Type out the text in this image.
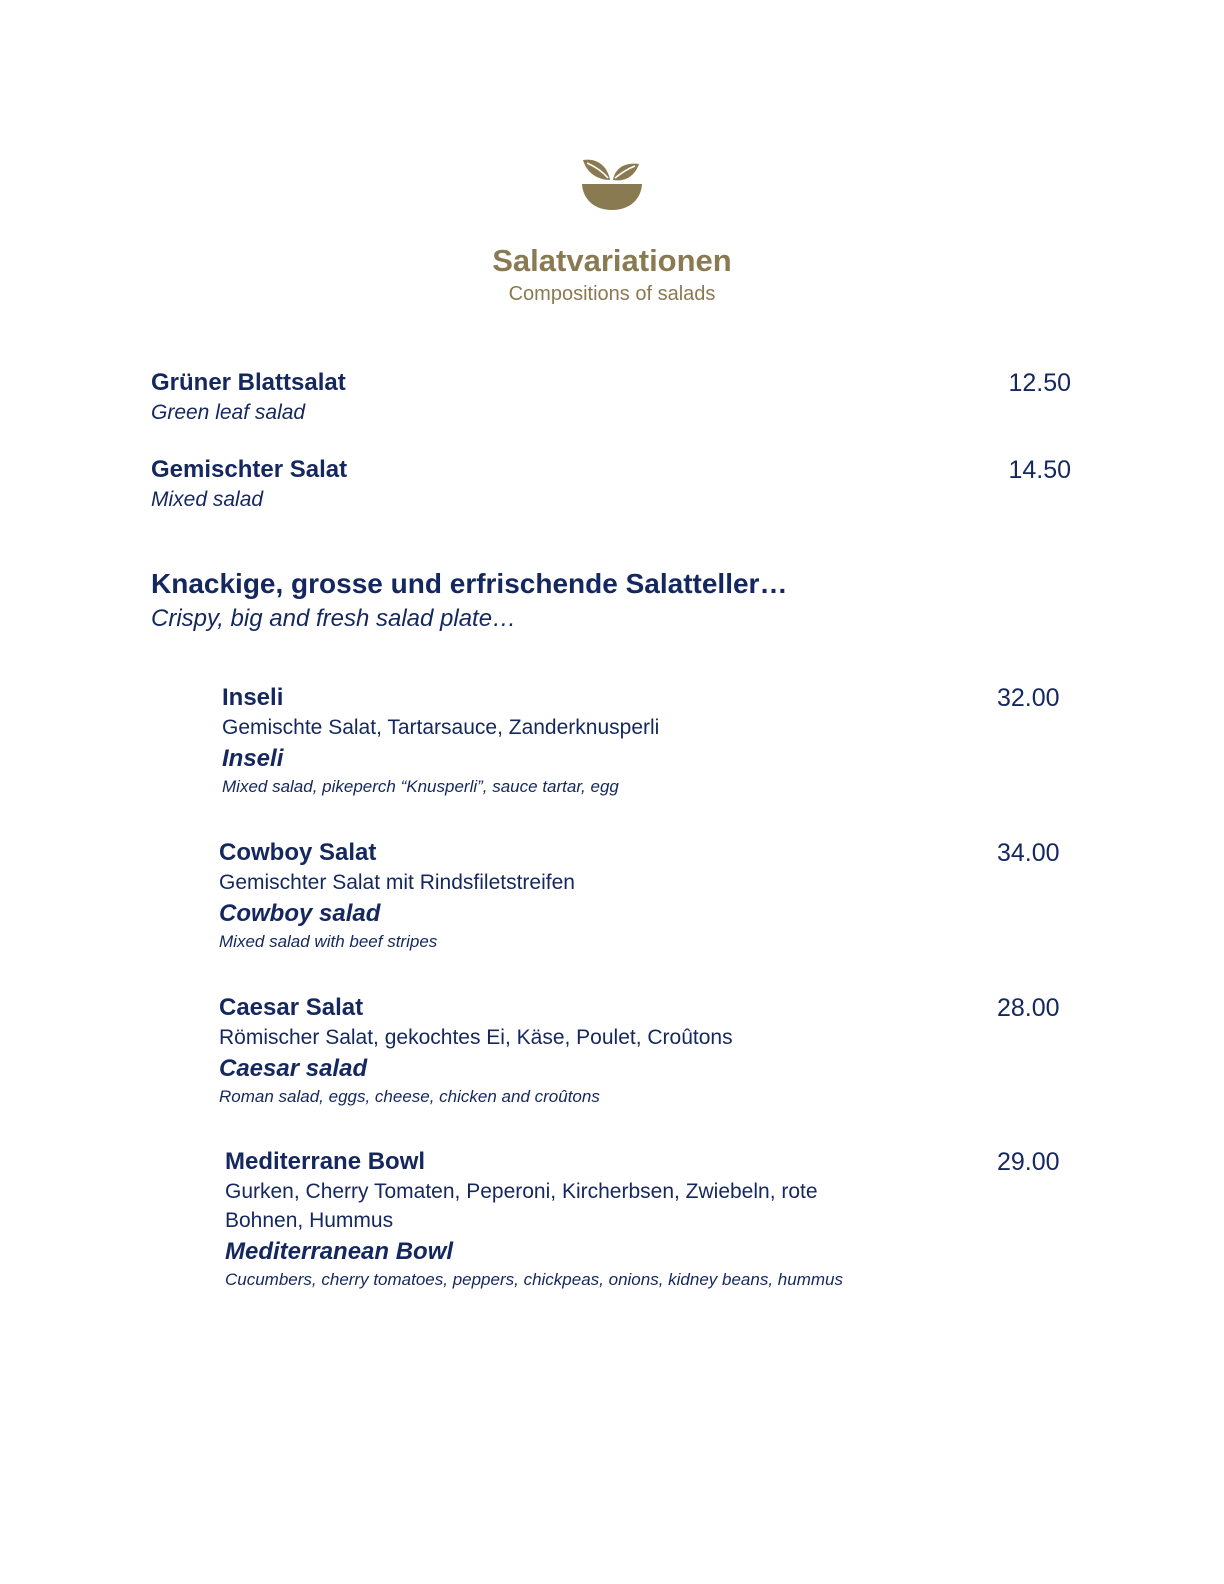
Salatvariationen
Compositions of salads
Grüner Blattsalat
Green leaf salad
12.50
Gemischter Salat
Mixed salad
14.50
Knackige, grosse und erfrischende Salatteller…
Crispy, big and fresh salad plate…
Inseli
Gemischte Salat, Tartarsauce, Zanderknusperli
Inseli
Mixed salad, pikeperch “Knusperli”, sauce tartar, egg
32.00
Cowboy Salat
Gemischter Salat mit Rindsfiletstreifen
Cowboy salad
Mixed salad with beef stripes
34.00
Caesar Salat
Römischer Salat, gekochtes Ei, Käse, Poulet, Croûtons
Caesar salad
Roman salad, eggs, cheese, chicken and croûtons
28.00
Mediterrane Bowl
Gurken, Cherry Tomaten, Peperoni, Kircherbsen, Zwiebeln, rote Bohnen, Hummus
Mediterranean Bowl
Cucumbers, cherry tomatoes, peppers, chickpeas, onions, kidney beans, hummus
29.00
